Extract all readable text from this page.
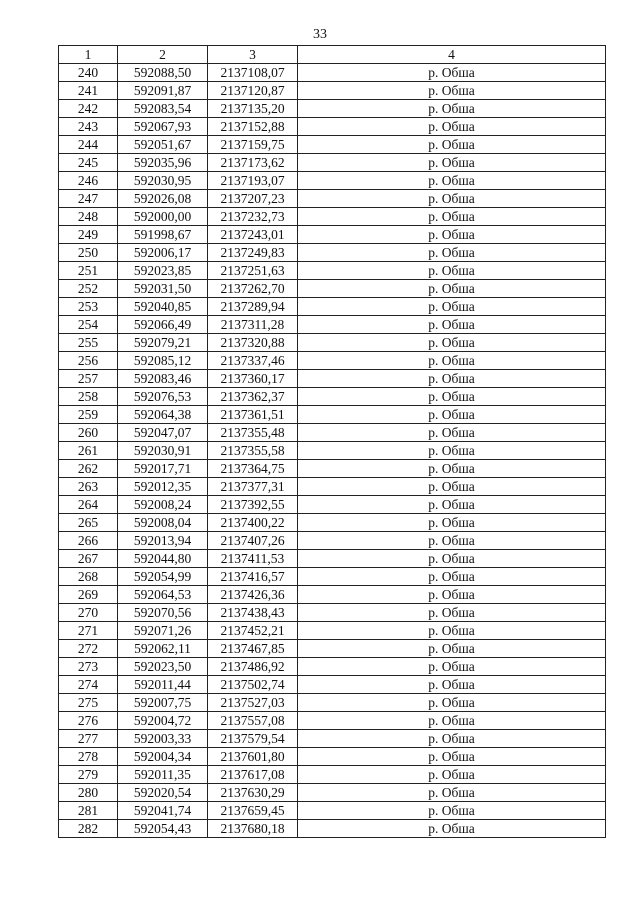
33
1	2	3	4
240	592088,50	2137108,07	р. Обша
241	592091,87	2137120,87	р. Обша
242	592083,54	2137135,20	р. Обша
243	592067,93	2137152,88	р. Обша
244	592051,67	2137159,75	р. Обша
245	592035,96	2137173,62	р. Обша
246	592030,95	2137193,07	р. Обша
247	592026,08	2137207,23	р. Обша
248	592000,00	2137232,73	р. Обша
249	591998,67	2137243,01	р. Обша
250	592006,17	2137249,83	р. Обша
251	592023,85	2137251,63	р. Обша
252	592031,50	2137262,70	р. Обша
253	592040,85	2137289,94	р. Обша
254	592066,49	2137311,28	р. Обша
255	592079,21	2137320,88	р. Обша
256	592085,12	2137337,46	р. Обша
257	592083,46	2137360,17	р. Обша
258	592076,53	2137362,37	р. Обша
259	592064,38	2137361,51	р. Обша
260	592047,07	2137355,48	р. Обша
261	592030,91	2137355,58	р. Обша
262	592017,71	2137364,75	р. Обша
263	592012,35	2137377,31	р. Обша
264	592008,24	2137392,55	р. Обша
265	592008,04	2137400,22	р. Обша
266	592013,94	2137407,26	р. Обша
267	592044,80	2137411,53	р. Обша
268	592054,99	2137416,57	р. Обша
269	592064,53	2137426,36	р. Обша
270	592070,56	2137438,43	р. Обша
271	592071,26	2137452,21	р. Обша
272	592062,11	2137467,85	р. Обша
273	592023,50	2137486,92	р. Обша
274	592011,44	2137502,74	р. Обша
275	592007,75	2137527,03	р. Обша
276	592004,72	2137557,08	р. Обша
277	592003,33	2137579,54	р. Обша
278	592004,34	2137601,80	р. Обша
279	592011,35	2137617,08	р. Обша
280	592020,54	2137630,29	р. Обша
281	592041,74	2137659,45	р. Обша
282	592054,43	2137680,18	р. Обша
